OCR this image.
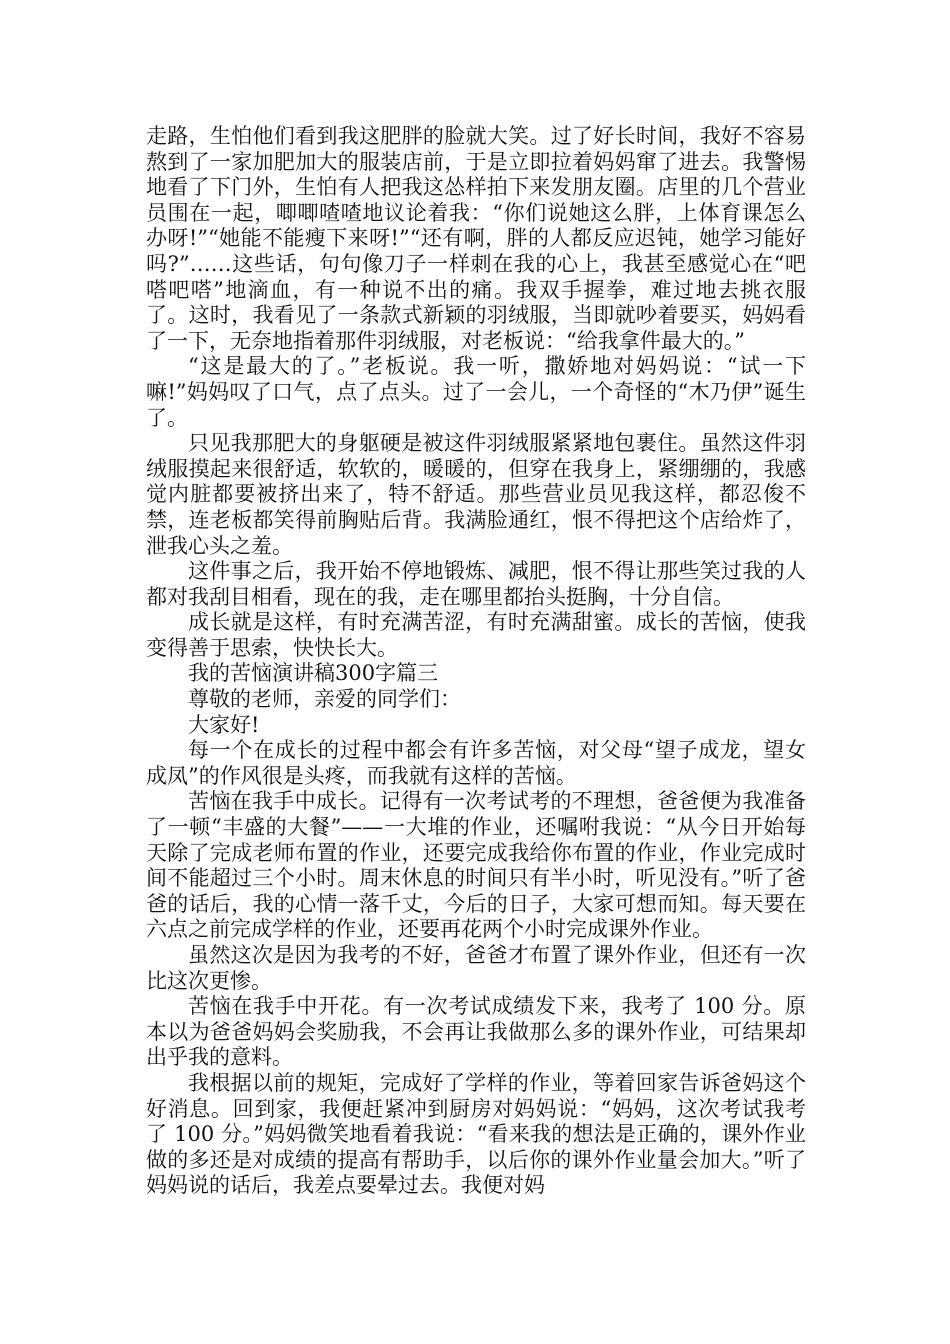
走路，生怕他们看到我这肥胖的脸就大笑。过了好长时间，我好不容易熬到了一家加肥加大的服装店前，于是立即拉着妈妈窜了进去。我警惕地看了下门外，生怕有人把我这怂样拍下来发朋友圈。店里的几个营业员围在一起，唧唧喳喳地议论着我：“你们说她这么胖，上体育课怎么办呀!”“她能不能瘦下来呀!”“还有啊，胖的人都反应迟钝，她学习能好吗?”……这些话，句句像刀子一样刺在我的心上，我甚至感觉心在“吧嗒吧嗒”地滴血，有一种说不出的痛。我双手握拳，难过地去挑衣服了。这时，我看见了一条款式新颖的羽绒服，当即就吵着要买，妈妈看了一下，无奈地指着那件羽绒服，对老板说：“给我拿件最大的。”

“这是最大的了。”老板说。我一听，撒娇地对妈妈说：“试一下嘛!”妈妈叹了口气，点了点头。过了一会儿，一个奇怪的“木乃伊”诞生了。

只见我那肥大的身躯硬是被这件羽绒服紧紧地包裹住。虽然这件羽绒服摸起来很舒适，软软的，暖暖的，但穿在我身上，紧绷绷的，我感觉内脏都要被挤出来了，特不舒适。那些营业员见我这样，都忍俊不禁，连老板都笑得前胸贴后背。我满脸通红，恨不得把这个店给炸了，泄我心头之羞。

这件事之后，我开始不停地锻炼、减肥，恨不得让那些笑过我的人都对我刮目相看，现在的我，走在哪里都抬头挺胸，十分自信。

成长就是这样，有时充满苦涩，有时充满甜蜜。成长的苦恼，使我变得善于思索，快快长大。

我的苦恼演讲稿300字篇三

尊敬的老师，亲爱的同学们：

大家好!

每一个在成长的过程中都会有许多苦恼，对父母“望子成龙，望女成凤”的作风很是头疼，而我就有这样的苦恼。

苦恼在我手中成长。记得有一次考试考的不理想，爸爸便为我准备了一顿“丰盛的大餐”——一大堆的作业，还嘱咐我说：“从今日开始每天除了完成老师布置的作业，还要完成我给你布置的作业，作业完成时间不能超过三个小时。周末休息的时间只有半小时，听见没有。”听了爸爸的话后，我的心情一落千丈，今后的日子，大家可想而知。每天要在六点之前完成学样的作业，还要再花两个小时完成课外作业。

虽然这次是因为我考的不好，爸爸才布置了课外作业，但还有一次比这次更惨。

苦恼在我手中开花。有一次考试成绩发下来，我考了 100 分。原本以为爸爸妈妈会奖励我，不会再让我做那么多的课外作业，可结果却出乎我的意料。

我根据以前的规矩，完成好了学样的作业，等着回家告诉爸妈这个好消息。回到家，我便赶紧冲到厨房对妈妈说：“妈妈，这次考试我考了 100 分。”妈妈微笑地看着我说：“看来我的想法是正确的，课外作业做的多还是对成绩的提高有帮助手，以后你的课外作业量会加大。”听了妈妈说的话后，我差点要晕过去。我便对妈
